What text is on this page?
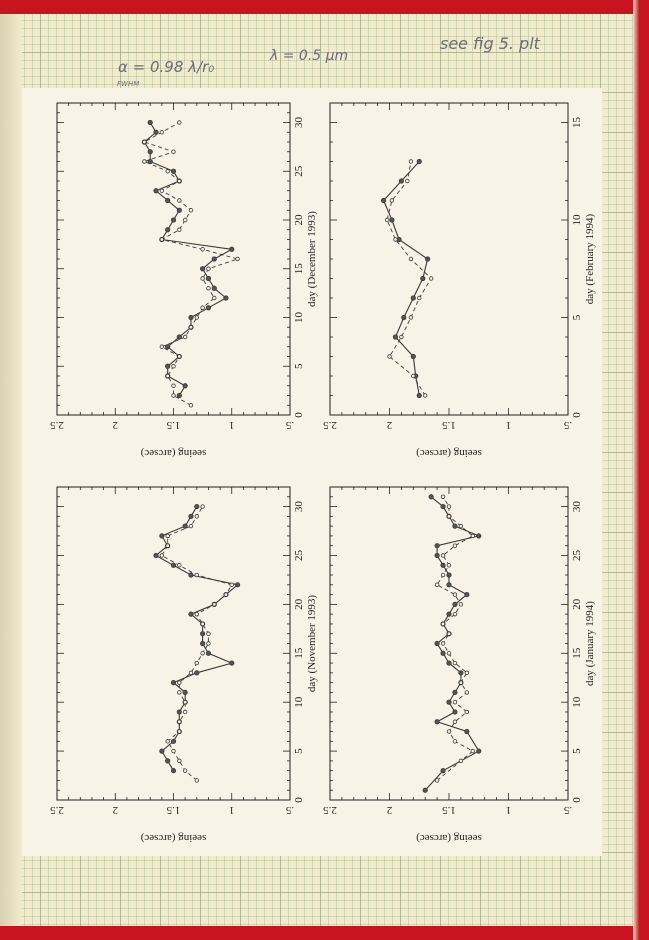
α = 0.98 λ/r₀
FWHM
λ = 0.5 μm
see fig 5. plt
0
5
10
15
20
25
30
.5
1
1.5
2
2.5
day (December 1993)
seeing (arcsec)
0
5
10
15
.5
1
1.5
2
2.5
day (February 1994)
seeing (arcsec)
0
5
10
15
20
25
30
.5
1
1.5
2
2.5
day (November 1993)
seeing (arcsec)
0
5
10
15
20
25
30
.5
1
1.5
2
2.5
day (January 1994)
seeing (arcsec)
